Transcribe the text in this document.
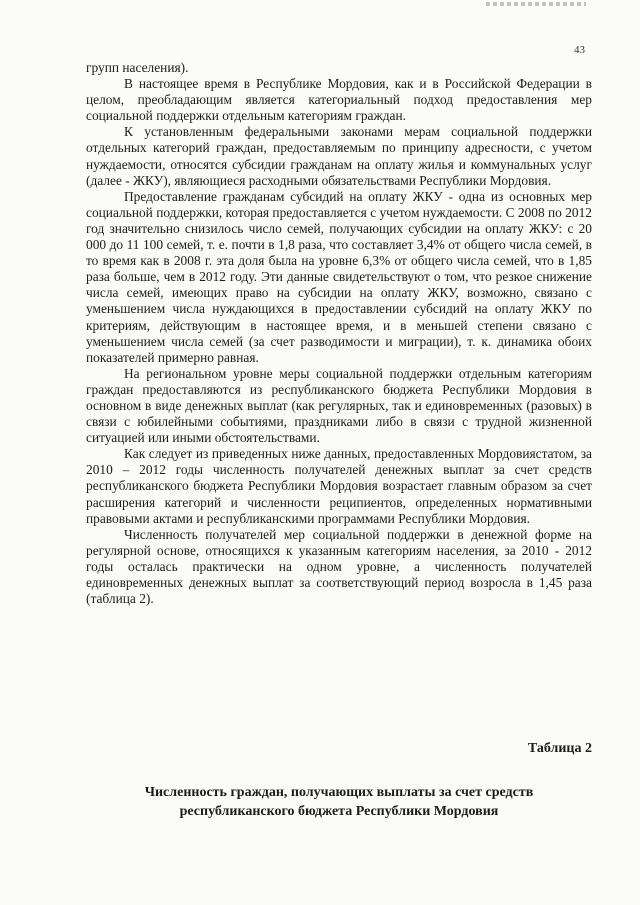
43

групп населения).

В настоящее время в Республике Мордовия, как и в Российской Федерации в целом, преобладающим является категориальный подход предоставления мер социальной поддержки отдельным категориям граждан.

К установленным федеральными законами мерам социальной поддержки отдельных категорий граждан, предоставляемым по принципу адресности, с учетом нуждаемости, относятся субсидии гражданам на оплату жилья и коммунальных услуг (далее - ЖКУ), являющиеся расходными обязательствами Республики Мордовия.

Предоставление гражданам субсидий на оплату ЖКУ - одна из основных мер социальной поддержки, которая предоставляется с учетом нуждаемости. С 2008 по 2012 год значительно снизилось число семей, получающих субсидии на оплату ЖКУ: с 20 000 до 11 100 семей, т. е. почти в 1,8 раза, что составляет 3,4% от общего числа семей, в то время как в 2008 г. эта доля была на уровне 6,3% от общего числа семей, что в 1,85 раза больше, чем в 2012 году. Эти данные свидетельствуют о том, что резкое снижение числа семей, имеющих право на субсидии на оплату ЖКУ, возможно, связано с уменьшением числа нуждающихся в предоставлении субсидий на оплату ЖКУ по критериям, действующим в настоящее время, и в меньшей степени связано с уменьшением числа семей (за счет разводимости и миграции), т. к. динамика обоих показателей примерно равная.

На региональном уровне меры социальной поддержки отдельным категориям граждан предоставляются из республиканского бюджета Республики Мордовия в основном в виде денежных выплат (как регулярных, так и единовременных (разовых) в связи с юбилейными событиями, праздниками либо в связи с трудной жизненной ситуацией или иными обстоятельствами.

Как следует из приведенных ниже данных, предоставленных Мордовиястатом, за 2010 – 2012 годы численность получателей денежных выплат за счет средств республиканского бюджета Республики Мордовия возрастает главным образом за счет расширения категорий и численности реципиентов, определенных нормативными правовыми актами и республиканскими программами Республики Мордовия.

Численность получателей мер социальной поддержки в денежной форме на регулярной основе, относящихся к указанным категориям населения, за 2010 - 2012 годы осталась практически на одном уровне, а численность получателей единовременных денежных выплат за соответствующий период возросла в 1,45 раза (таблица 2).

Таблица 2
Численность граждан, получающих выплаты за счет средств
республиканского бюджета Республики Мордовия
